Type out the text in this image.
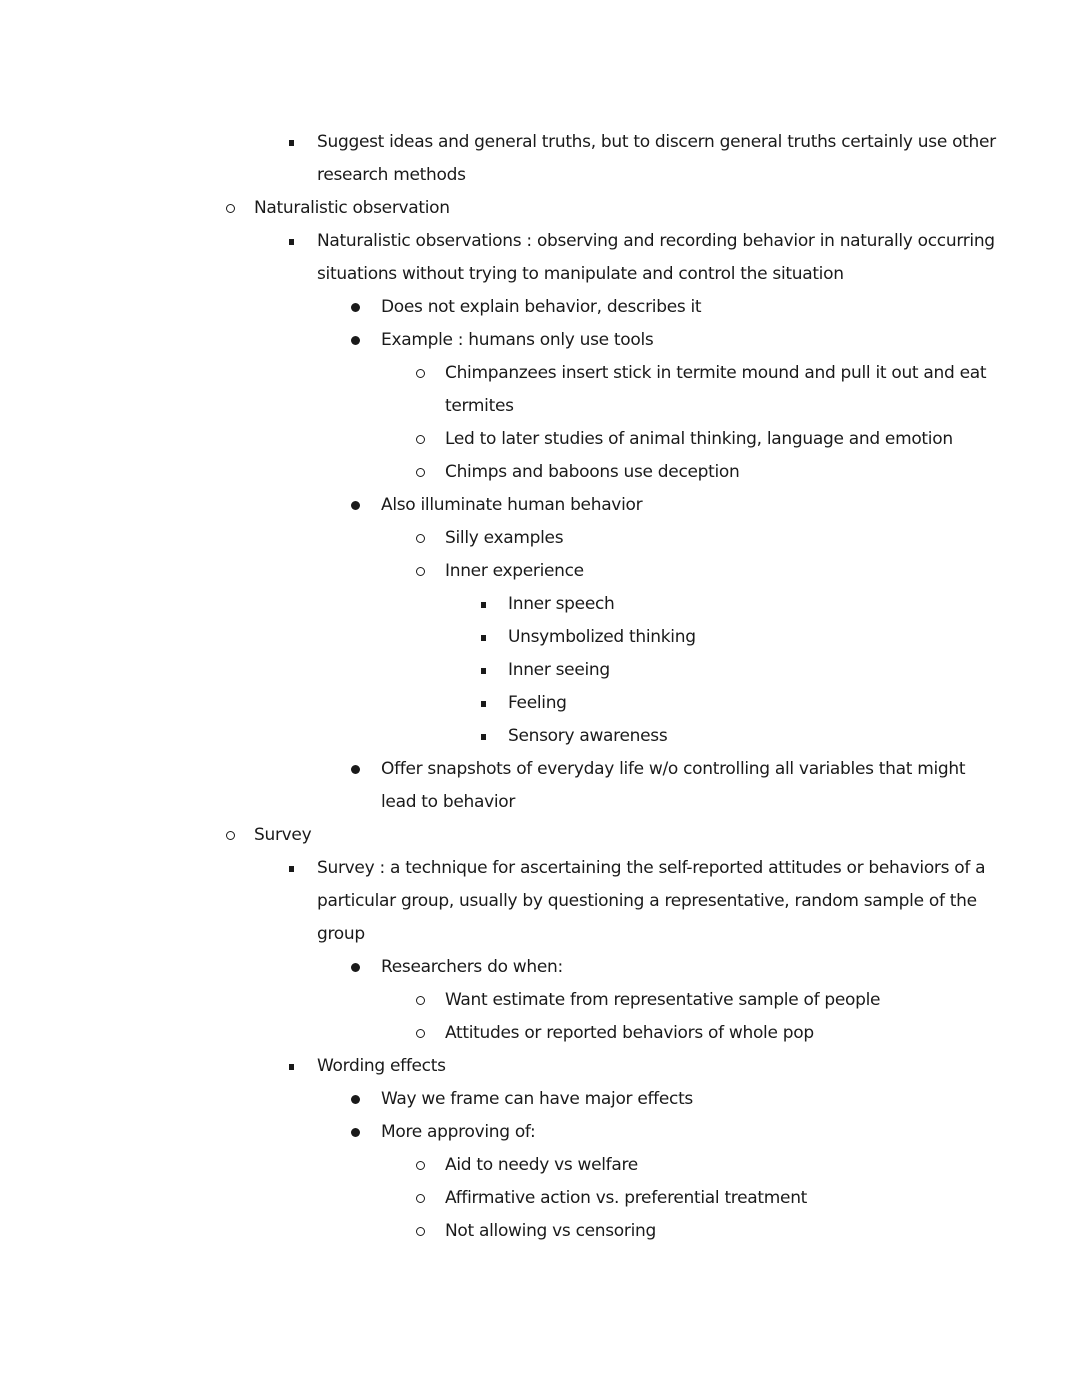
Suggest ideas and general truths, but to discern general truths certainly use other
research methods
Naturalistic observation
Naturalistic observations : observing and recording behavior in naturally occurring
situations without trying to manipulate and control the situation
Does not explain behavior, describes it
Example : humans only use tools
Chimpanzees insert stick in termite mound and pull it out and eat
termites
Led to later studies of animal thinking, language and emotion
Chimps and baboons use deception
Also illuminate human behavior
Silly examples
Inner experience
Inner speech
Unsymbolized thinking
Inner seeing
Feeling
Sensory awareness
Offer snapshots of everyday life w/o controlling all variables that might
lead to behavior
Survey
Survey : a technique for ascertaining the self-reported attitudes or behaviors of a
particular group, usually by questioning a representative, random sample of the
group
Researchers do when:
Want estimate from representative sample of people
Attitudes or reported behaviors of whole pop
Wording effects
Way we frame can have major effects
More approving of:
Aid to needy vs welfare
Affirmative action vs. preferential treatment
Not allowing vs censoring
